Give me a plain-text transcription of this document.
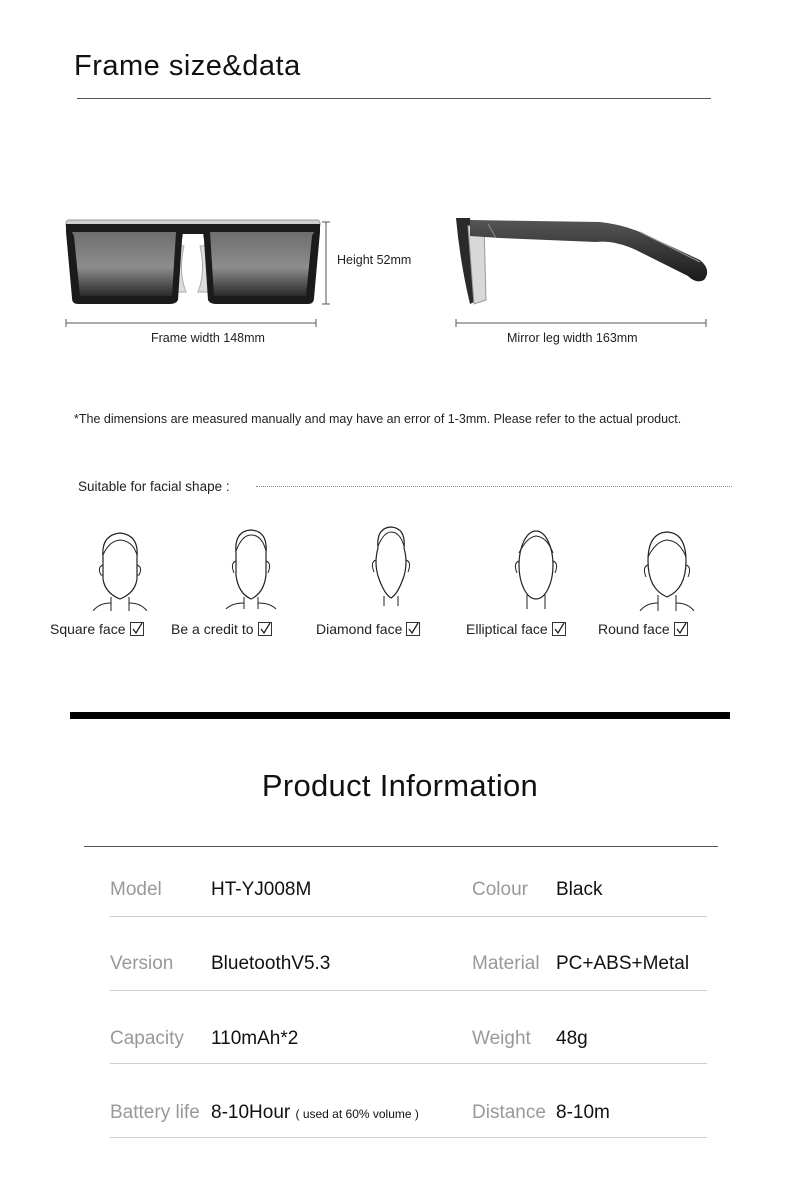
Frame size&data
Height 52mm
Frame width 148mm	Mirror leg width 163mm
*The dimensions are measured manually and may have an error of 1-3mm. Please refer to the actual product.
Suitable for facial shape :
Square face	Be a credit to	Diamond face	Elliptical face	Round face
Product Information
Model	HT-YJ008M	Colour Black
Version BluetoothV5.3	Material PC+ABS+Metal
Capacity 110mAh*2	Weight 48g
Battery life 8-10Hour ( used at 60% volume )	Distance 8-10m
